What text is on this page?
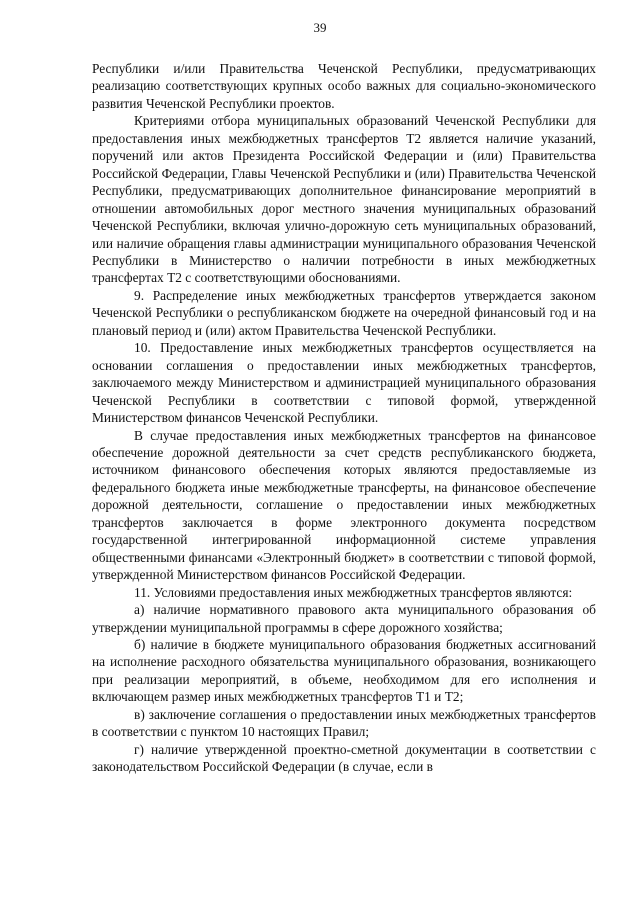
39

Республики и/или Правительства Чеченской Республики, предусматривающих реализацию соответствующих крупных особо важных для социально-экономического развития Чеченской Республики проектов.

Критериями отбора муниципальных образований Чеченской Республики для предоставления иных межбюджетных трансфертов Т2 является наличие указаний, поручений или актов Президента Российской Федерации и (или) Правительства Российской Федерации, Главы Чеченской Республики и (или) Правительства Чеченской Республики, предусматривающих дополнительное финансирование мероприятий в отношении автомобильных дорог местного значения муниципальных образований Чеченской Республики, включая улично-дорожную сеть муниципальных образований, или наличие обращения главы администрации муниципального образования Чеченской Республики в Министерство о наличии потребности в иных межбюджетных трансфертах Т2 с соответствующими обоснованиями.

9. Распределение иных межбюджетных трансфертов утверждается законом Чеченской Республики о республиканском бюджете на очередной финансовый год и на плановый период и (или) актом Правительства Чеченской Республики.

10. Предоставление иных межбюджетных трансфертов осуществляется на основании соглашения о предоставлении иных межбюджетных трансфертов, заключаемого между Министерством и администрацией муниципального образования Чеченской Республики в соответствии с типовой формой, утвержденной Министерством финансов Чеченской Республики.

В случае предоставления иных межбюджетных трансфертов на финансовое обеспечение дорожной деятельности за счет средств республиканского бюджета, источником финансового обеспечения которых являются предоставляемые из федерального бюджета иные межбюджетные трансферты, на финансовое обеспечение дорожной деятельности, соглашение о предоставлении иных межбюджетных трансфертов заключается в форме электронного документа посредством государственной интегрированной информационной системе управления общественными финансами «Электронный бюджет» в соответствии с типовой формой, утвержденной Министерством финансов Российской Федерации.

11. Условиями предоставления иных межбюджетных трансфертов являются:

а) наличие нормативного правового акта муниципального образования об утверждении муниципальной программы в сфере дорожного хозяйства;

б) наличие в бюджете муниципального образования бюджетных ассигнований на исполнение расходного обязательства муниципального образования, возникающего при реализации мероприятий, в объеме, необходимом для его исполнения и включающем размер иных межбюджетных трансфертов Т1 и Т2;

в) заключение соглашения о предоставлении иных межбюджетных трансфертов в соответствии с пунктом 10 настоящих Правил;

г) наличие утвержденной проектно-сметной документации в соответствии с законодательством Российской Федерации (в случае, если в
